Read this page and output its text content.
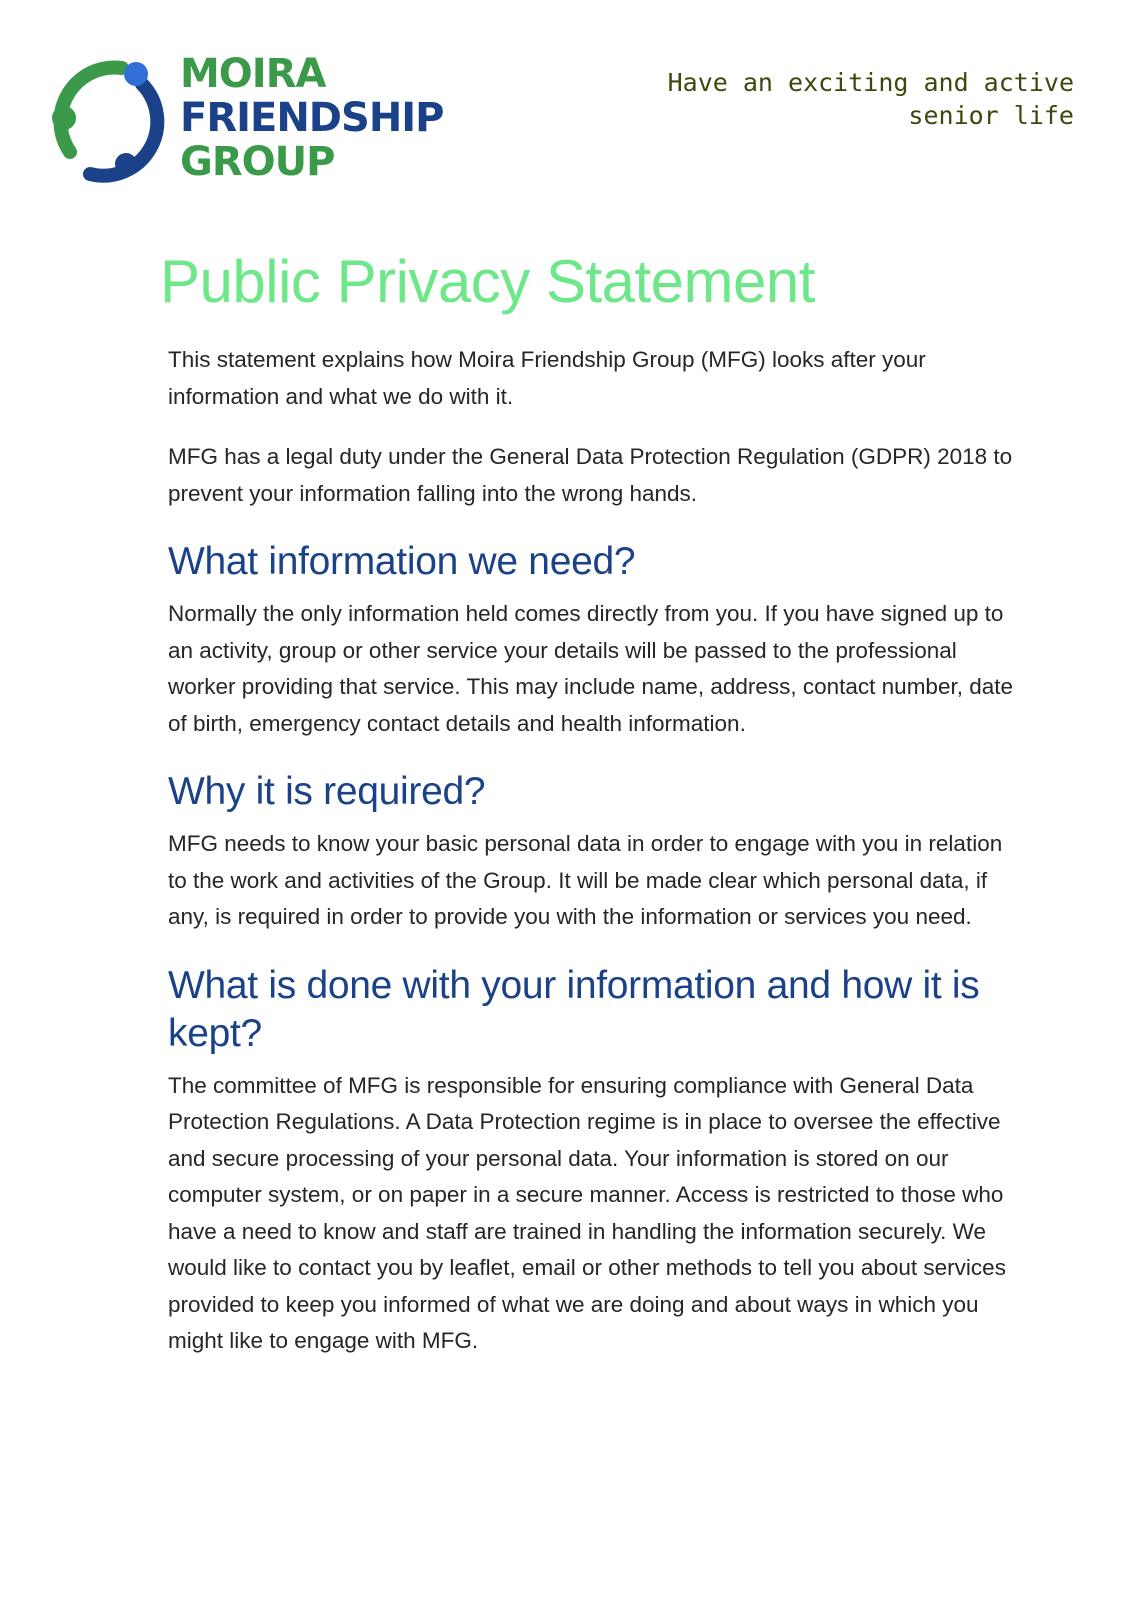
MOIRA
FRIENDSHIP
GROUP
Have an exciting and active
senior life
Public Privacy Statement

This statement explains how Moira Friendship Group (MFG) looks after your information and what we do with it.

MFG has a legal duty under the General Data Protection Regulation (GDPR) 2018 to prevent your information falling into the wrong hands.

What information we need?

Normally the only information held comes directly from you. If you have signed up to an activity, group or other service your details will be passed to the professional worker providing that service. This may include name, address, contact number, date of birth, emergency contact details and health information.

Why it is required?

MFG needs to know your basic personal data in order to engage with you in relation to the work and activities of the Group. It will be made clear which personal data, if any, is required in order to provide you with the information or services you need.

What is done with your information and how it is kept?

The committee of MFG is responsible for ensuring compliance with General Data Protection Regulations. A Data Protection regime is in place to oversee the effective and secure processing of your personal data. Your information is stored on our computer system, or on paper in a secure manner. Access is restricted to those who have a need to know and staff are trained in handling the information securely. We would like to contact you by leaflet, email or other methods to tell you about services provided to keep you informed of what we are doing and about ways in which you might like to engage with MFG.
